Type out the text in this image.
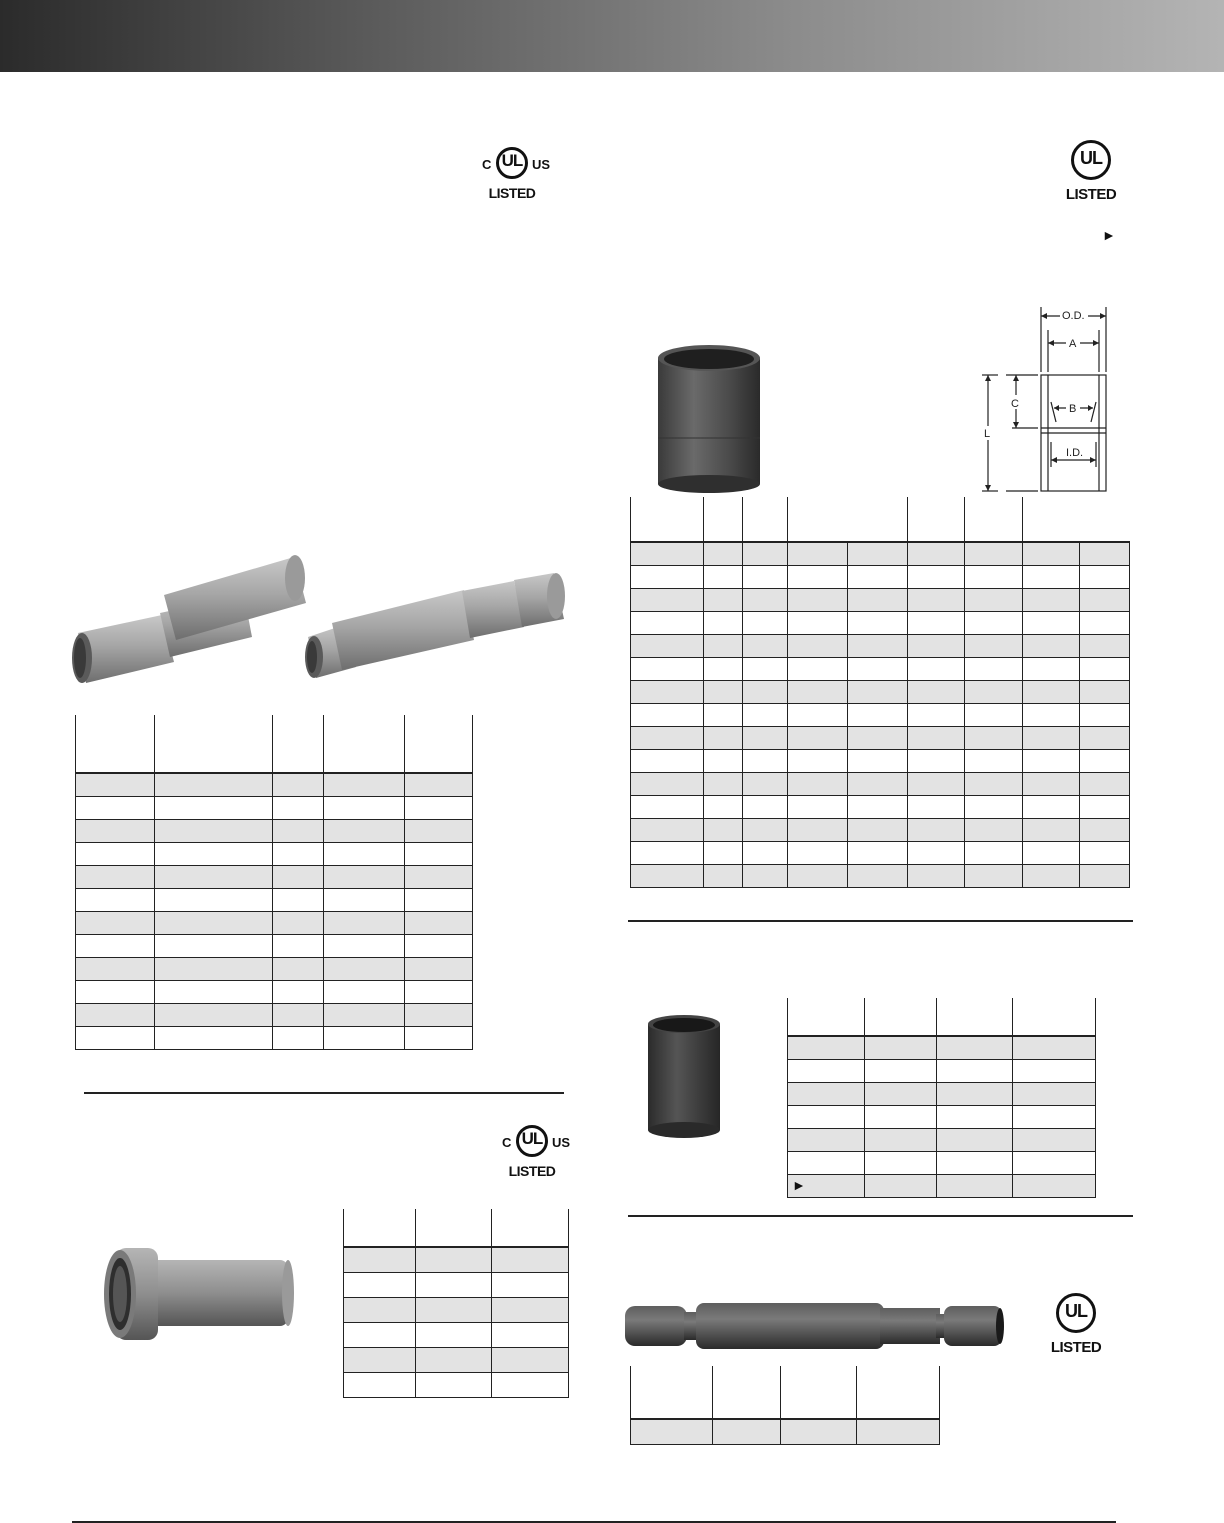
C UL US
LISTED

C UL US
LISTED

UL
LISTED
►
O.D.
A
B
C
L
I.D.

►			
UL
LISTED
